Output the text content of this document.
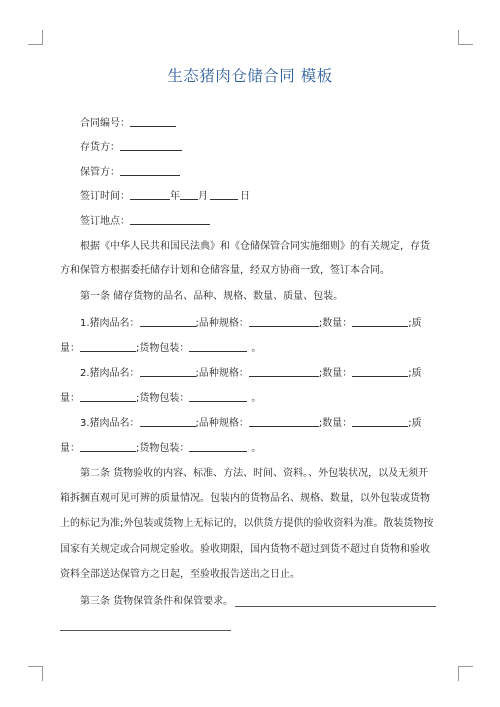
生态猪肉仓储合同 模板
合同编号：
存货方：
保管方：
签订时间：	年 月	日
签订地点：
根据《中华人民共和国民法典》和《仓储保管合同实施细则》的有关规定，存货
方和保管方根据委托储存计划和仓储容量，经双方协商一致，签订本合同。
第一条 储存货物的品名、品种、规格、数量、质量、包装。
1.猪肉品名：	;品种规格：	;数量：	;质
量：	;货物包装：	。
2.猪肉品名：	;品种规格：	;数量：	;质
量：	;货物包装：	。
3.猪肉品名：	;品种规格：	;数量：	;质
量：	;货物包装：	。
第二条 货物验收的内容、标准、方法、时间、资料。、外包装状况，以及无须开
箱拆捆直观可见可辨的质量情况。包装内的货物品名、规格、数量，以外包装或货物
上的标记为准;外包装或货物上无标记的，以供货方提供的验收资料为准。散装货物按
国家有关规定或合同规定验收。验收期限，国内货物不超过到货不超过自货物和验收
资料全部送达保管方之日起，至验收报告送出之日止。
第三条 货物保管条件和保管要求。
